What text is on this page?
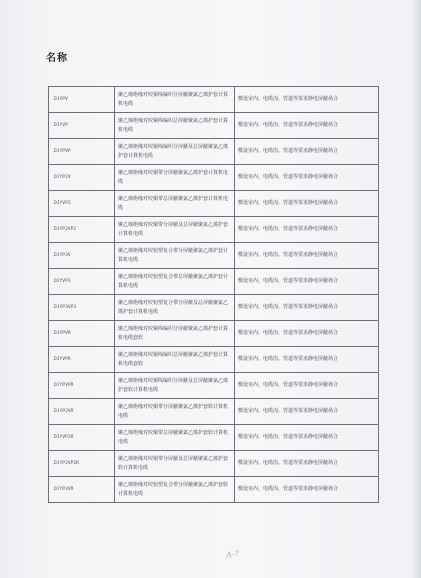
名称
DJYPV	聚乙烯绝缘对绞铜线编织分屏蔽聚氯乙烯护套计算机电缆	敷设室内、电缆沟、管道等要求静电屏蔽场合
DJYVP	聚乙烯绝缘对绞铜线编织总屏蔽聚氯乙烯护套计算机电缆	敷设室内、电缆沟、管道等要求静电屏蔽场合
DJYPVP	聚乙烯绝缘对绞铜线编织分屏蔽及总屏蔽聚氯乙烯护套计算机电缆	敷设室内、电缆沟、管道等要求静电屏蔽场合
DJYP2V	聚乙烯绝缘对绞铜带分屏蔽聚氯乙烯护套计算机电缆	敷设室内、电缆沟、管道等要求静电屏蔽场合
DJYVP2	聚乙烯绝缘对绞铜带总屏蔽聚氯乙烯护套计算机电缆	敷设室内、电缆沟、管道等要求静电屏蔽场合
DJYP2VP2	聚乙烯绝缘对绞铜带分屏蔽及总屏蔽聚氯乙烯护套计算机电缆	敷设室内、电缆沟、管道等要求静电屏蔽场合
DJYP3V	聚乙烯绝缘对绞铝塑复合带分屏蔽聚氯乙烯护套计算机电缆	敷设室内、电缆沟、管道等要求静电屏蔽场合
DJYVP3	聚乙烯绝缘对绞铝塑复合带总屏蔽聚氯乙烯护套计算机电缆	敷设室内、电缆沟、管道等要求静电屏蔽场合
DJYP3VP3	聚乙烯绝缘对绞铝塑复合带分屏蔽及总屏蔽聚氯乙烯护套计算机电缆	敷设室内、电缆沟、管道等要求静电屏蔽场合
DJYPVR	聚乙烯绝缘对绞铜线编织分屏蔽聚氯乙烯护套计算机电缆套软	敷设室内、电缆沟、管道等要求静电屏蔽场合
DJYVPR	聚乙烯绝缘对绞铜线编织总屏蔽聚氯乙烯护套计算机电缆套软	敷设室内、电缆沟、管道等要求静电屏蔽场合
DJYPVPR	聚乙烯绝缘对绞铜线编织分屏蔽及总屏蔽聚氯乙烯护套软计算机电缆	敷设室内、电缆沟、管道等要求静电屏蔽场合
DJYP2VR	聚乙烯绝缘对绞铜带分屏蔽聚氯乙烯护套软计算机电缆	敷设室内、电缆沟、管道等要求静电屏蔽场合
DJYVP2R	聚乙烯绝缘对绞铜带总屏蔽聚氯乙烯护套软计算机电缆	敷设室内、电缆沟、管道等要求静电屏蔽场合
DJYP2VP2R	聚乙烯绝缘对绞铜带分屏蔽及总屏蔽聚氯乙烯护套软计算机电缆	敷设室内、电缆沟、管道等要求静电屏蔽场合
DJYP3VR	聚乙烯绝缘对绞铝塑复合带分屏蔽聚氯乙烯护套软计算机电缆	敷设室内、电缆沟、管道等要求静电屏蔽场合
A-?
